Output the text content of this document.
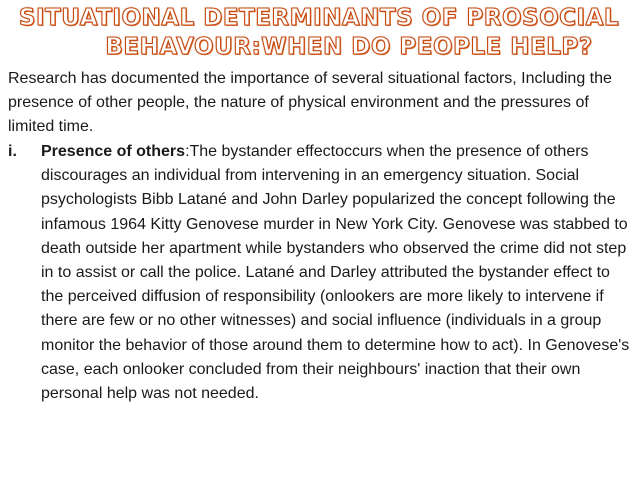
SITUATIONAL DETERMINANTS OF PROSOCIAL
BEHAVOUR:WHEN DO PEOPLE HELP?
Research has documented the importance of several situational factors, Including the presence of other people, the nature of physical environment and the pressures of limited time.
i. Presence of others:The bystander effectoccurs when the presence of others discourages an individual from intervening in an emergency situation. Social psychologists Bibb Latané and John Darley popularized the concept following the infamous 1964 Kitty Genovese murder in New York City. Genovese was stabbed to death outside her apartment while bystanders who observed the crime did not step in to assist or call the police. Latané and Darley attributed the bystander effect to the perceived diffusion of responsibility (onlookers are more likely to intervene if there are few or no other witnesses) and social influence (individuals in a group monitor the behavior of those around them to determine how to act). In Genovese's case, each onlooker concluded from their neighbours' inaction that their own personal help was not needed.
